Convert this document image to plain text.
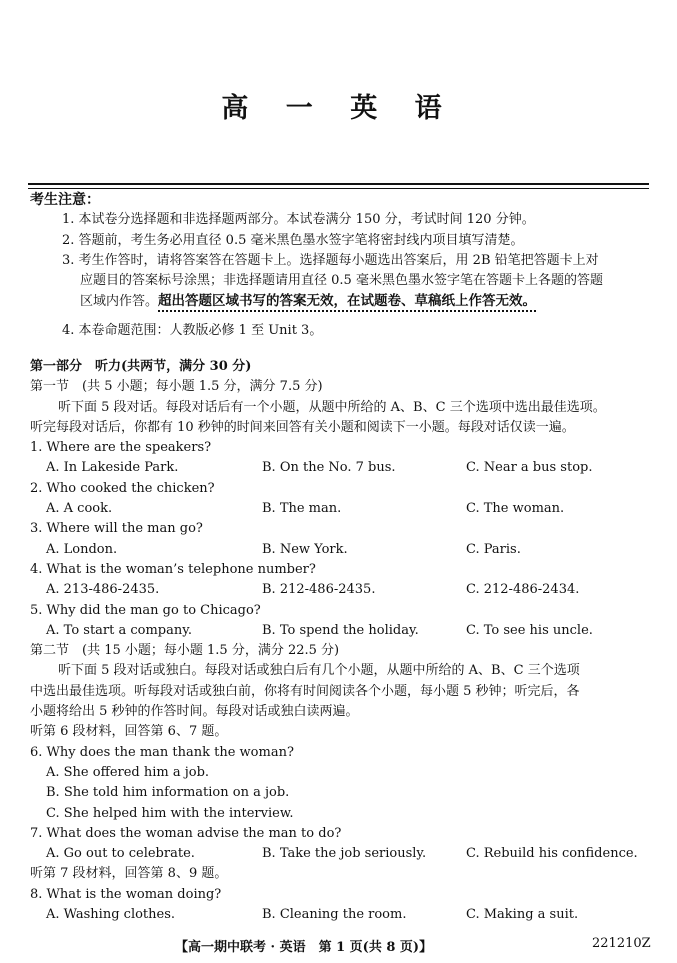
高 一 英 语
考生注意：
1. 本试卷分选择题和非选择题两部分。本试卷满分 150 分，考试时间 120 分钟。
2. 答题前，考生务必用直径 0.5 毫米黑色墨水签字笔将密封线内项目填写清楚。
3. 考生作答时，请将答案答在答题卡上。选择题每小题选出答案后，用 2B 铅笔把答题卡上对
应题目的答案标号涂黑；非选择题请用直径 0.5 毫米黑色墨水签字笔在答题卡上各题的答题
区域内作答。超出答题区域书写的答案无效，在试题卷、草稿纸上作答无效。
4. 本卷命题范围：人教版必修 1 至 Unit 3。
第一部分　听力(共两节，满分 30 分)
第一节　(共 5 小题；每小题 1.5 分，满分 7.5 分)
听下面 5 段对话。每段对话后有一个小题，从题中所给的 A、B、C 三个选项中选出最佳选项。
听完每段对话后，你都有 10 秒钟的时间来回答有关小题和阅读下一小题。每段对话仅读一遍。
1. Where are the speakers?
A. In Lakeside Park.	B. On the No. 7 bus.	C. Near a bus stop.
2. Who cooked the chicken?
A. A cook.	B. The man.	C. The woman.
3. Where will the man go?
A. London.	B. New York.	C. Paris.
4. What is the woman’s telephone number?
A. 213-486-2435.	B. 212-486-2435.	C. 212-486-2434.
5. Why did the man go to Chicago?
A. To start a company.	B. To spend the holiday.	C. To see his uncle.
第二节　(共 15 小题；每小题 1.5 分，满分 22.5 分)
听下面 5 段对话或独白。每段对话或独白后有几个小题，从题中所给的 A、B、C 三个选项
中选出最佳选项。听每段对话或独白前，你将有时间阅读各个小题，每小题 5 秒钟；听完后，各
小题将给出 5 秒钟的作答时间。每段对话或独白读两遍。
听第 6 段材料，回答第 6、7 题。
6. Why does the man thank the woman?
A. She offered him a job.
B. She told him information on a job.
C. She helped him with the interview.
7. What does the woman advise the man to do?
A. Go out to celebrate.	B. Take the job seriously.	C. Rebuild his confidence.
听第 7 段材料，回答第 8、9 题。
8. What is the woman doing?
A. Washing clothes.	B. Cleaning the room.	C. Making a suit.
【高一期中联考 · 英语　第 1 页(共 8 页)】	221210Z
